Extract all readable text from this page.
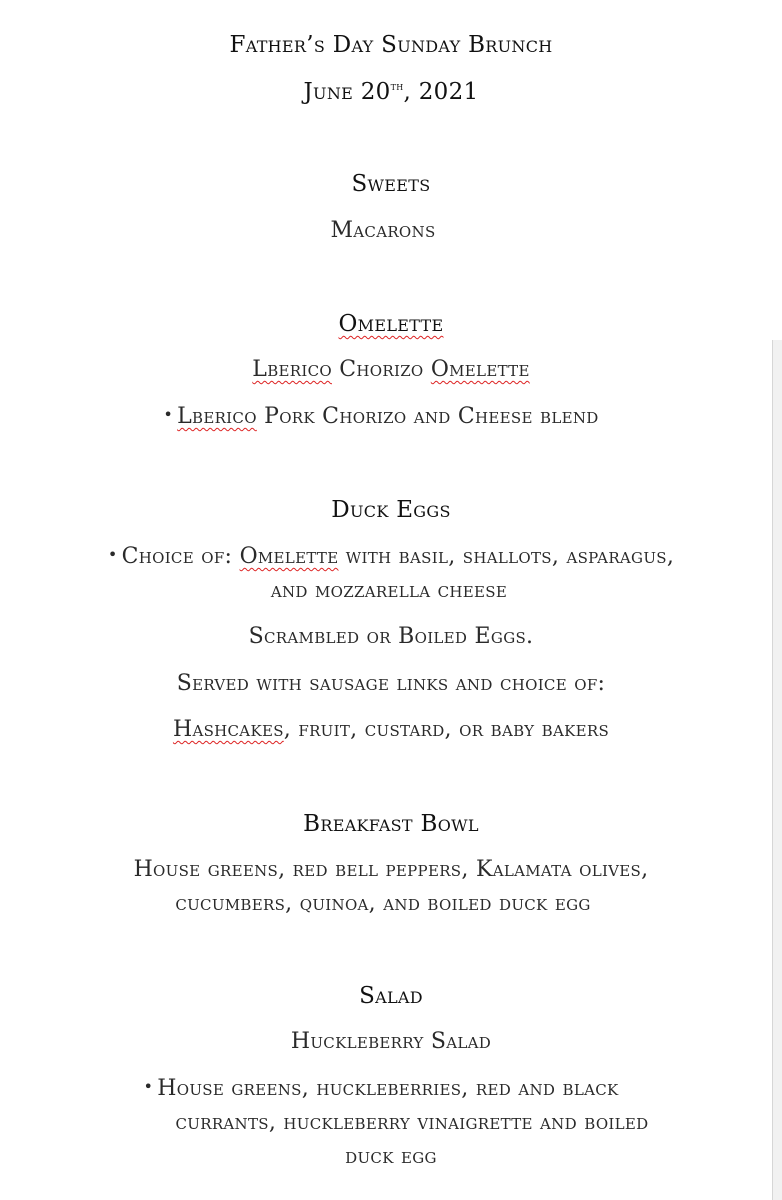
Father’s Day Sunday Brunch
June 20th, 2021
Sweets
Macarons
Omelette
Lberico Chorizo Omelette
• Lberico Pork Chorizo and Cheese blend
Duck Eggs
• Choice of: Omelette with basil, shallots, asparagus,
and mozzarella cheese
Scrambled or Boiled Eggs.
Served with sausage links and choice of:
Hashcakes, fruit, custard, or baby bakers
Breakfast Bowl
House greens, red bell peppers, Kalamata olives,
cucumbers, quinoa, and boiled duck egg
Salad
Huckleberry Salad
• House greens, huckleberries, red and black
currants, huckleberry vinaigrette and boiled
duck egg
